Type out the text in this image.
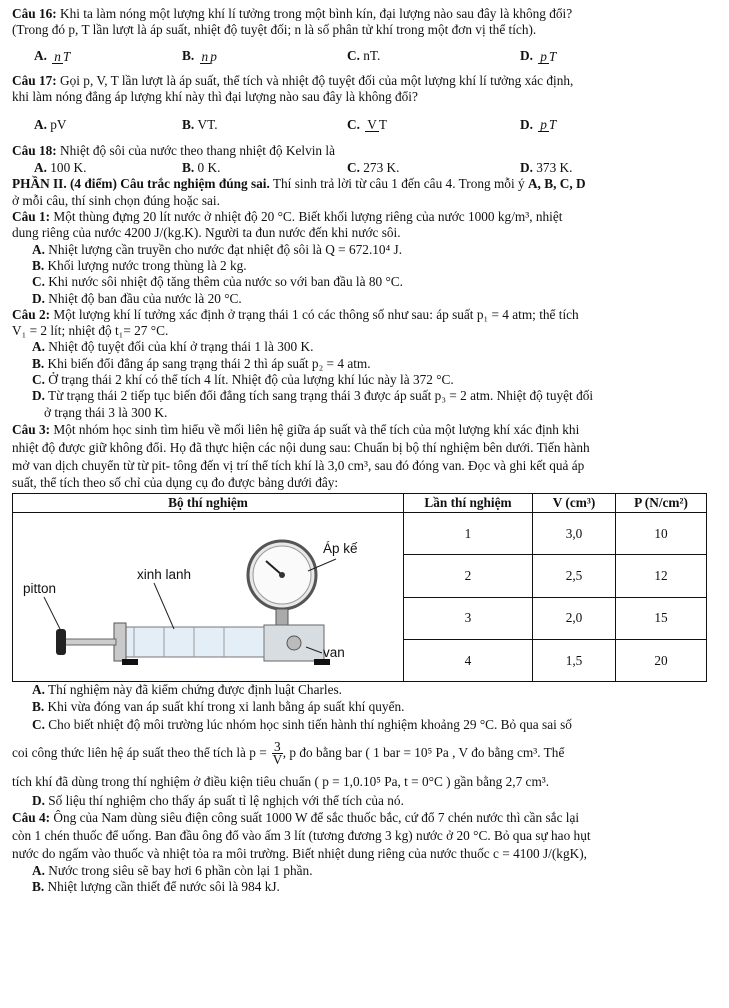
Câu 16: Khi ta làm nóng một lượng khí lí tưởng trong một bình kín, đại lượng nào sau đây là không đổi?

(Trong đó p, T lần lượt là áp suất, nhiệt độ tuyệt đối; n là số phân tử khí trong một đơn vị thể tích).

A. n T	B. n p	C. nT.	D. p T

Câu 17: Gọi p, V, T lần lượt là áp suất, thể tích và nhiệt độ tuyệt đối của một lượng khí lí tưởng xác định,

khi làm nóng đẳng áp lượng khí này thì đại lượng nào sau đây là không đổi?

A. pV	B. VT.	C. V T	D. p T

Câu 18: Nhiệt độ sôi của nước theo thang nhiệt độ Kelvin là

A. 100 K.	B. 0 K.	C. 273 K.	D. 373 K.

PHẦN II. (4 điểm) Câu trắc nghiệm đúng sai. Thí sinh trả lời từ câu 1 đến câu 4. Trong mỗi ý A, B, C, D

ở mỗi câu, thí sinh chọn đúng hoặc sai.

Câu 1: Một thùng đựng 20 lít nước ở nhiệt độ 20 °C. Biết khối lượng riêng của nước 1000 kg/m³, nhiệt

dung riêng của nước 4200 J/(kg.K). Người ta đun nước đến khi nước sôi.

A. Nhiệt lượng cần truyền cho nước đạt nhiệt độ sôi là Q = 672.10⁴ J.

B. Khối lượng nước trong thùng là 2 kg.

C. Khi nước sôi nhiệt độ tăng thêm của nước so với ban đầu là 80 °C.

D. Nhiệt độ ban đầu của nước là 20 °C.

Câu 2: Một lượng khí lí tưởng xác định ở trạng thái 1 có các thông số như sau: áp suất p₁ = 4 atm; thể tích

V₁ = 2 lít; nhiệt độ t₁= 27 °C.

A. Nhiệt độ tuyệt đối của khí ở trạng thái 1 là 300 K.

B. Khi biến đổi đẳng áp sang trạng thái 2 thì áp suất p₂ = 4 atm.

C. Ở trạng thái 2 khí có thể tích 4 lít. Nhiệt độ của lượng khí lúc này là 372 °C.

D. Từ trạng thái 2 tiếp tục biến đổi đẳng tích sang trạng thái 3 được áp suất p₃ = 2 atm. Nhiệt độ tuyệt đối

ở trạng thái 3 là 300 K.

Câu 3: Một nhóm học sinh tìm hiểu về mối liên hệ giữa áp suất và thể tích của một lượng khí xác định khi

nhiệt độ được giữ không đổi. Họ đã thực hiện các nội dung sau: Chuẩn bị bộ thí nghiệm bên dưới. Tiến hành

mở van dịch chuyển từ từ pit- tông đến vị trí thể tích khí là 3,0 cm³, sau đó đóng van. Đọc và ghi kết quả áp

suất, thể tích theo số chỉ của dụng cụ đo được bảng dưới đây:

Bộ thí nghiệm	Lần thí nghiệm	V (cm³)	P (N/cm²)

Áp kế
xinh lanh
pitton
van	1	3,0	10
	2	2,5	12
	3	2,0	15
	4	1,5	20

A. Thí nghiệm này đã kiểm chứng được định luật Charles.

B. Khi vừa đóng van áp suất khí trong xi lanh bằng áp suất khí quyển.

C. Cho biết nhiệt độ môi trường lúc nhóm học sinh tiến hành thí nghiệm khoảng 29 °C. Bỏ qua sai số

coi công thức liên hệ áp suất theo thể tích là $p = \frac{3}{V}$ , p đo bằng bar ( 1 bar = 10⁵ Pa , V đo bằng cm³. Thể

tích khí đã dùng trong thí nghiệm ở điều kiện tiêu chuẩn ( p = 1,0.10⁵ Pa, t = 0°C ) gần bằng 2,7 cm³.

D. Số liệu thí nghiệm cho thấy áp suất tỉ lệ nghịch với thể tích của nó.

Câu 4: Ông của Nam dùng siêu điện công suất 1000 W để sắc thuốc bắc, cứ đổ 7 chén nước thì cần sắc lại

còn 1 chén thuốc để uống. Ban đầu ông đổ vào ấm 3 lít (tương đương 3 kg) nước ở 20 °C. Bỏ qua sự hao hụt

nước do ngấm vào thuốc và nhiệt tỏa ra môi trường. Biết nhiệt dung riêng của nước thuốc c = 4100 J/(kgK),

A. Nước trong siêu sẽ bay hơi 6 phần còn lại 1 phần.

B. Nhiệt lượng cần thiết để nước sôi là 984 kJ.
